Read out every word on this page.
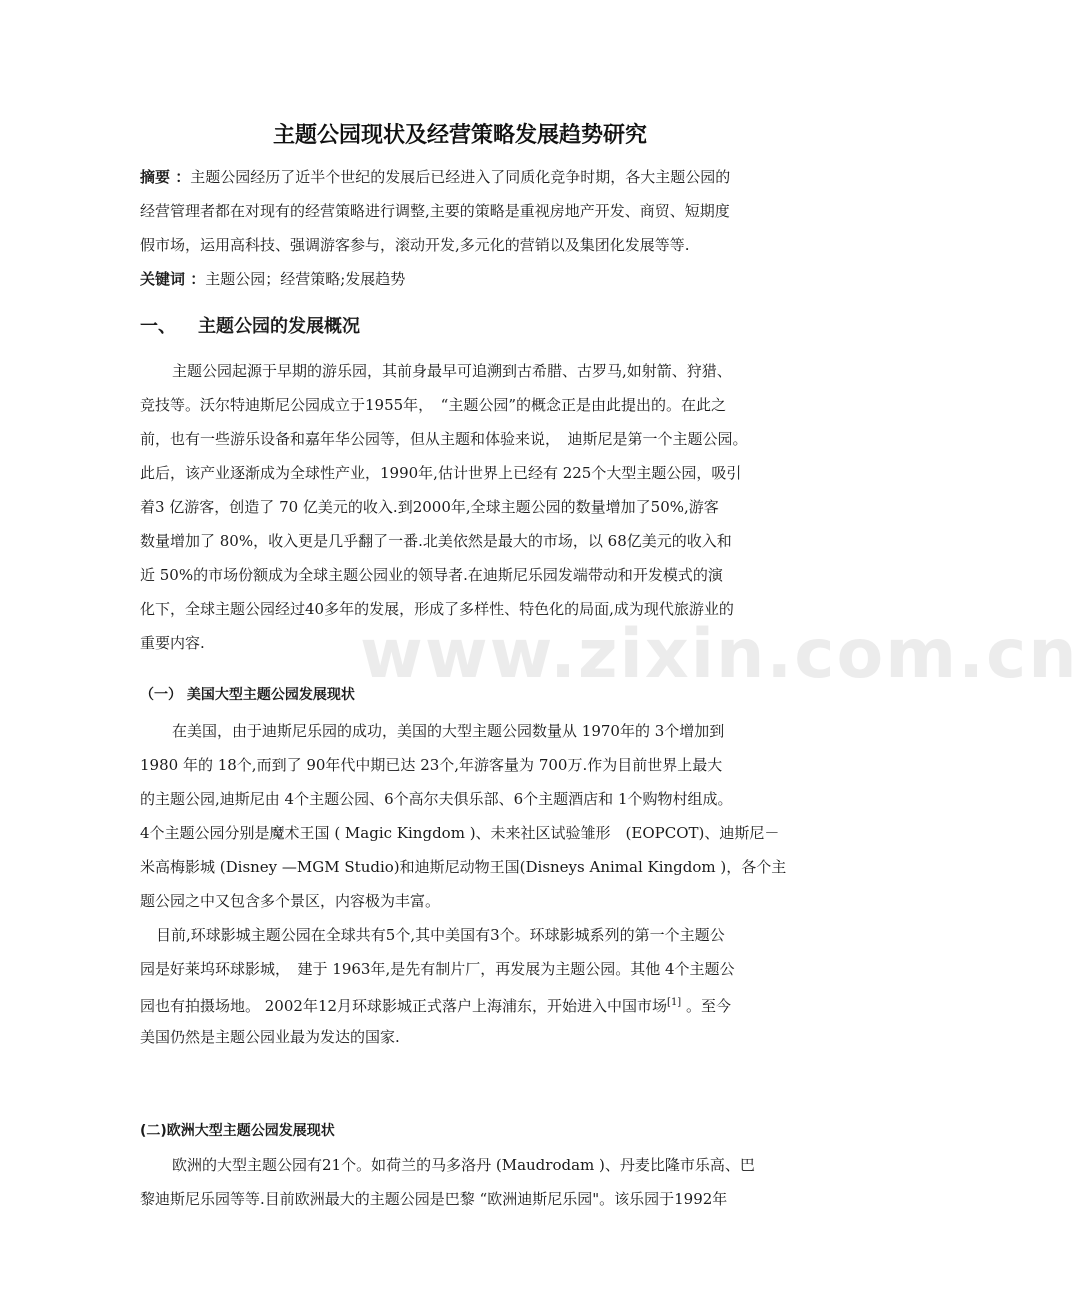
www.zixin.com.cn
主题公园现状及经营策略发展趋势研究
摘要 ：主题公园经历了近半个世纪的发展后已经进入了同质化竞争时期，各大主题公园的
经营管理者都在对现有的经营策略进行调整,主要的策略是重视房地产开发、商贸、短期度
假市场，运用高科技、强调游客参与，滚动开发,多元化的营销以及集团化发展等等.
关键词 ：主题公园；经营策略;发展趋势
一、 主题公园的发展概况
主题公园起源于早期的游乐园，其前身最早可追溯到古希腊、古罗马,如射箭、狩猎、
竞技等。沃尔特迪斯尼公园成立于1955年，　“主题公园”的概念正是由此提出的。在此之
前，也有一些游乐设备和嘉年华公园等，但从主题和体验来说，　迪斯尼是第一个主题公园。
此后，该产业逐渐成为全球性产业，1990年,估计世界上已经有 225个大型主题公园，吸引
着3 亿游客，创造了 70 亿美元的收入.到2000年,全球主题公园的数量增加了50%,游客
数量增加了 80%，收入更是几乎翻了一番.北美依然是最大的市场，以 68亿美元的收入和
近 50%的市场份额成为全球主题公园业的领导者.在迪斯尼乐园发端带动和开发模式的演
化下，全球主题公园经过40多年的发展，形成了多样性、特色化的局面,成为现代旅游业的
重要内容.
（一） 美国大型主题公园发展现状
在美国，由于迪斯尼乐园的成功，美国的大型主题公园数量从 1970年的 3个增加到
1980 年的 18个,而到了 90年代中期已达 23个,年游客量为 700万.作为目前世界上最大
的主题公园,迪斯尼由 4个主题公园、6个高尔夫俱乐部、6个主题酒店和 1个购物村组成。
4个主题公园分别是魔术王国 ( Magic Kingdom )、未来社区试验雏形　(EOPCOT)、迪斯尼－
米高梅影城 (Disney —MGM Studio)和迪斯尼动物王国(Disneys Animal Kingdom )，各个主
题公园之中又包含多个景区，内容极为丰富。
目前,环球影城主题公园在全球共有5个,其中美国有3个。环球影城系列的第一个主题公
园是好莱坞环球影城，　建于 1963年,是先有制片厂，再发展为主题公园。其他 4个主题公
园也有拍摄场地。 2002年12月环球影城正式落户上海浦东，开始进入中国市场[1] 。至今
美国仍然是主题公园业最为发达的国家.
(二)欧洲大型主题公园发展现状
欧洲的大型主题公园有21个。如荷兰的马多洛丹 (Maudrodam )、丹麦比隆市乐高、巴
黎迪斯尼乐园等等.目前欧洲最大的主题公园是巴黎 “欧洲迪斯尼乐园"。该乐园于1992年
